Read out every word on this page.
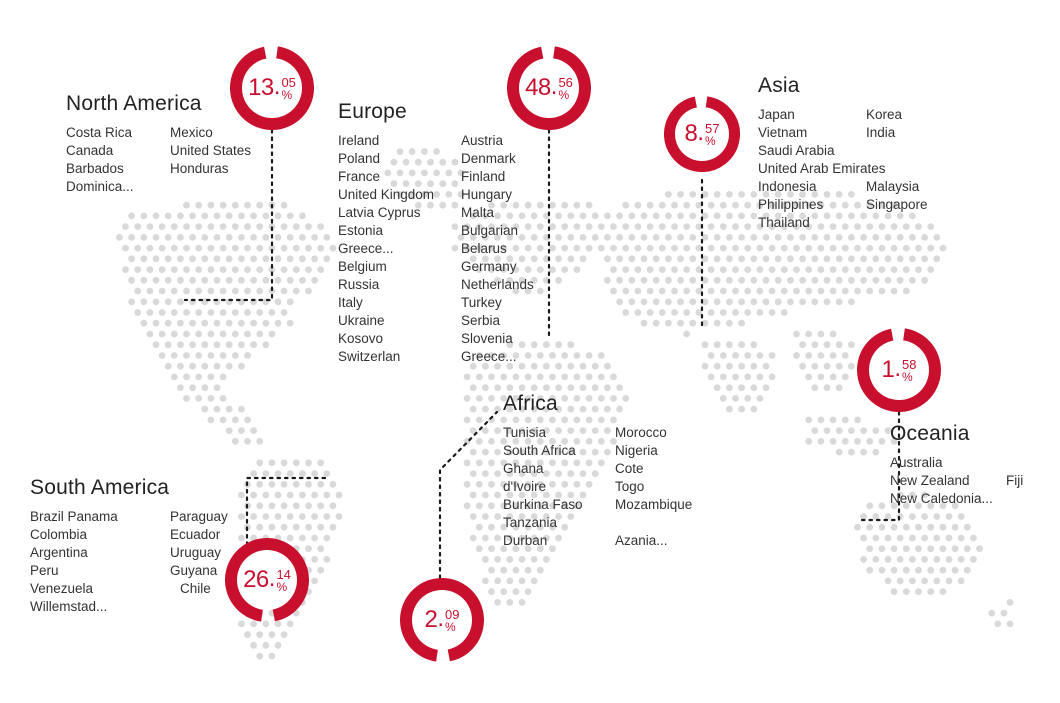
North America
Costa Rica
Canada
Barbados
Dominica...
Mexico
United States
Honduras
Europe
Ireland
Poland
France
United Kingdom
Latvia Cyprus
Estonia
Greece...
Belgium
Russia
Italy
Ukraine
Kosovo
Switzerlan
Austria
Denmark
Finland
Hungary
Malta
Bulgarian
Belarus
Germany
Netherlands
Turkey
Serbia
Slovenia
Greece...
Asia
Japan
Vietnam
Saudi Arabia
United Arab Emirates
Indonesia
Philippines
Thailand
Korea
India

Malaysia
Singapore
Africa
Tunisia
South Africa
Ghana
d'Ivoire
Burkina Faso
Tanzania
Durban
Morocco
Nigeria
Cote
Togo
Mozambique

Azania...
South America
Brazil Panama
Colombia
Argentina
Peru
Venezuela
Willemstad...
Paraguay
Ecuador
Uruguay
Guyana
Chile
Oceania
Australia
New Zealand
New Caledonia...

Fiji
13 . 05
%	48 . 56
%
8 . 57
%
1 . 58
%
26 . 14
%
2 . 09
%
